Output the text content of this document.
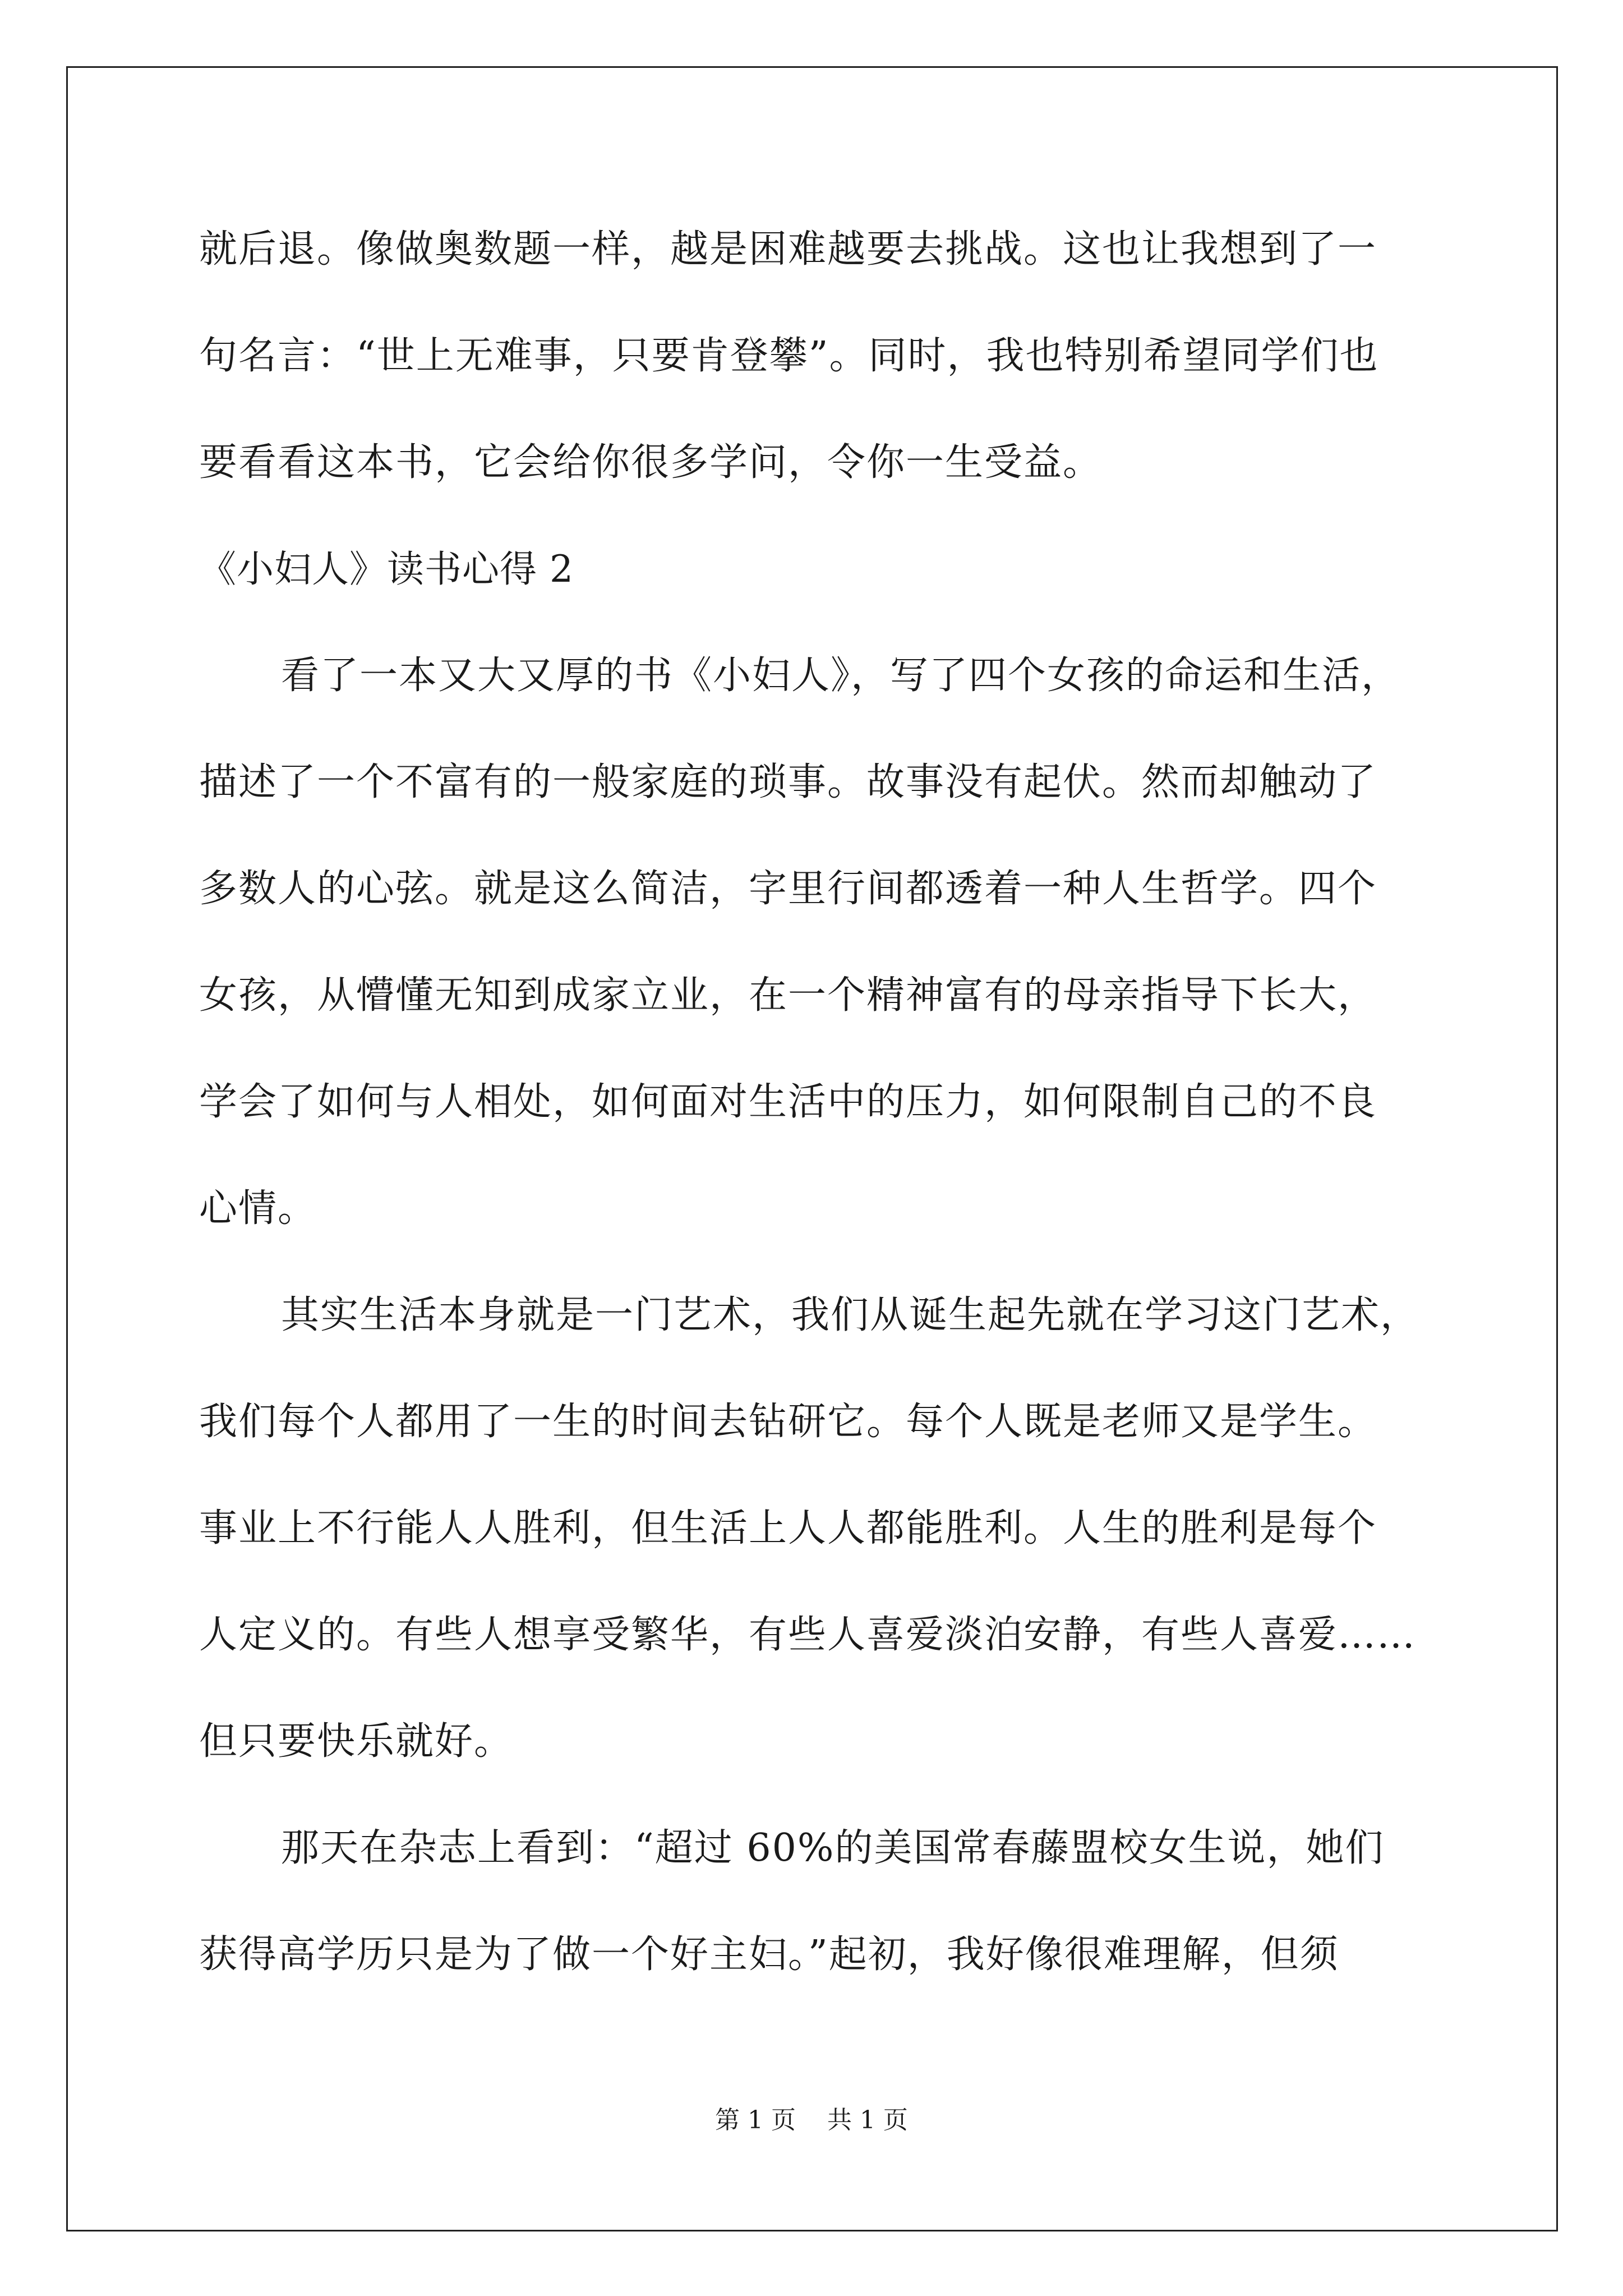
就后退。像做奥数题一样，越是困难越要去挑战。这也让我想到了一
句名言：“世上无难事，只要肯登攀”。同时，我也特别希望同学们也
要看看这本书，它会给你很多学问，令你一生受益。
《小妇人》读书心得 2
看了一本又大又厚的书《小妇人》，写了四个女孩的命运和生活，
描述了一个不富有的一般家庭的琐事。故事没有起伏。然而却触动了
多数人的心弦。就是这么简洁，字里行间都透着一种人生哲学。四个
女孩，从懵懂无知到成家立业，在一个精神富有的母亲指导下长大，
学会了如何与人相处，如何面对生活中的压力，如何限制自己的不良
心情。
其实生活本身就是一门艺术，我们从诞生起先就在学习这门艺术，
我们每个人都用了一生的时间去钻研它。每个人既是老师又是学生。
事业上不行能人人胜利，但生活上人人都能胜利。人生的胜利是每个
人定义的。有些人想享受繁华，有些人喜爱淡泊安静，有些人喜爱……
但只要快乐就好。
那天在杂志上看到：“超过 60%的美国常春藤盟校女生说，她们
获得高学历只是为了做一个好主妇。”起初，我好像很难理解，但须
第 1 页    共 1 页
